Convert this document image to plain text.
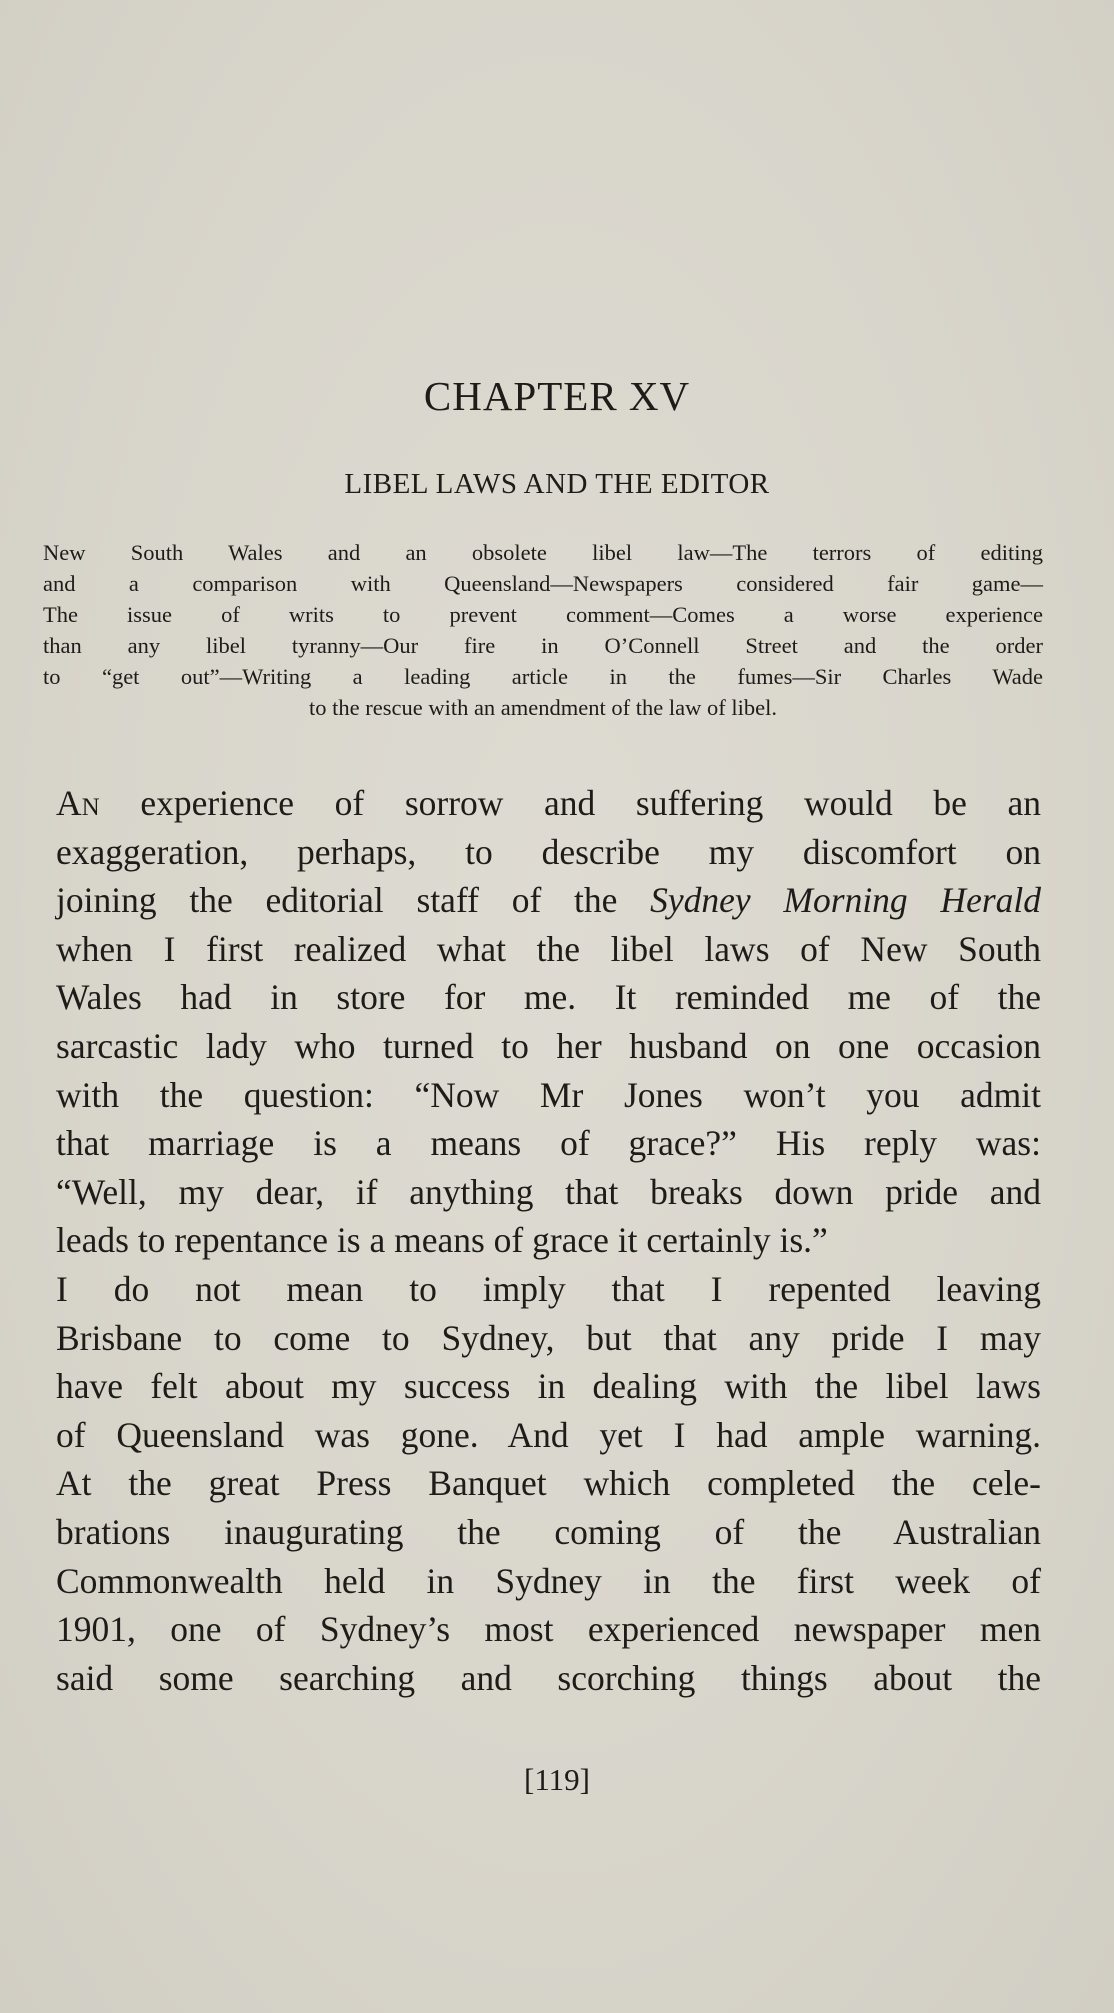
CHAPTER XV
LIBEL LAWS AND THE EDITOR
New South Wales and an obsolete libel law—The terrors of editing
and a comparison with Queensland—Newspapers considered fair game—
The issue of writs to prevent comment—Comes a worse experience
than any libel tyranny—Our fire in O’Connell Street and the order
to “get out”—Writing a leading article in the fumes—Sir Charles Wade
to the rescue with an amendment of the law of libel.
An experience of sorrow and suffering would be an
exaggeration, perhaps, to describe my discomfort on
joining the editorial staff of the Sydney Morning Herald
when I first realized what the libel laws of New South
Wales had in store for me. It reminded me of the
sarcastic lady who turned to her husband on one occasion
with the question: “Now Mr Jones won’t you admit
that marriage is a means of grace?” His reply was:
“Well, my dear, if anything that breaks down pride and
leads to repentance is a means of grace it certainly is.”
I do not mean to imply that I repented leaving
Brisbane to come to Sydney, but that any pride I may
have felt about my success in dealing with the libel laws
of Queensland was gone. And yet I had ample warning.
At the great Press Banquet which completed the cele-
brations inaugurating the coming of the Australian
Commonwealth held in Sydney in the first week of
1901, one of Sydney’s most experienced newspaper men
said some searching and scorching things about the
[119]
